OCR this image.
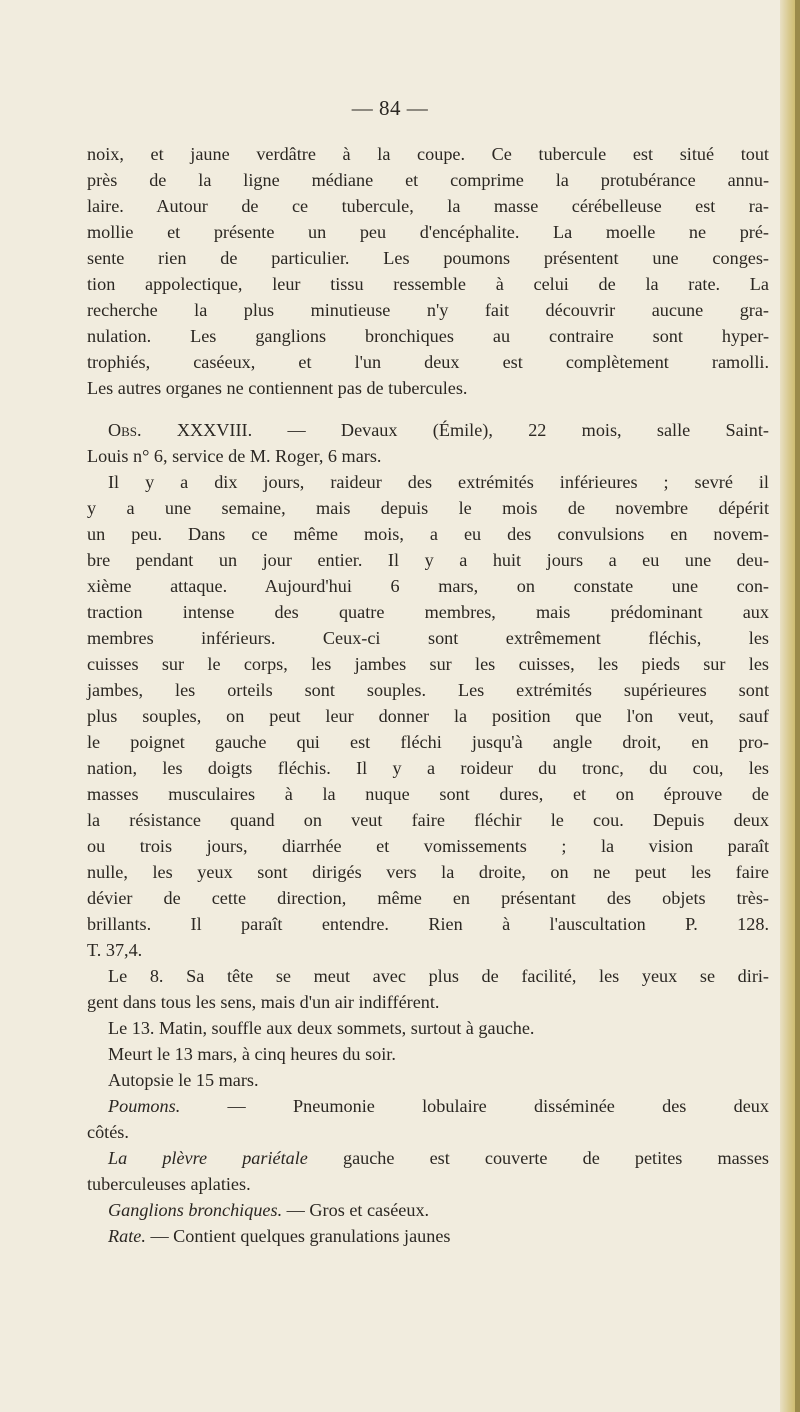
— 84 —
noix, et jaune verdâtre à la coupe. Ce tubercule est situé tout
près de la ligne médiane et comprime la protubérance annu-
laire. Autour de ce tubercule, la masse cérébelleuse est ra-
mollie et présente un peu d'encéphalite. La moelle ne pré-
sente rien de particulier. Les poumons présentent une conges-
tion appolectique, leur tissu ressemble à celui de la rate. La
recherche la plus minutieuse n'y fait découvrir aucune gra-
nulation. Les ganglions bronchiques au contraire sont hyper-
trophiés, caséeux, et l'un deux est complètement ramolli.
Les autres organes ne contiennent pas de tubercules.
Obs. XXXVIII. — Devaux (Émile), 22 mois, salle Saint-
Louis n° 6, service de M. Roger, 6 mars.
Il y a dix jours, raideur des extrémités inférieures ; sevré il
y a une semaine, mais depuis le mois de novembre dépérit
un peu. Dans ce même mois, a eu des convulsions en novem-
bre pendant un jour entier. Il y a huit jours a eu une deu-
xième attaque. Aujourd'hui 6 mars, on constate une con-
traction intense des quatre membres, mais prédominant aux
membres inférieurs. Ceux-ci sont extrêmement fléchis, les
cuisses sur le corps, les jambes sur les cuisses, les pieds sur les
jambes, les orteils sont souples. Les extrémités supérieures sont
plus souples, on peut leur donner la position que l'on veut, sauf
le poignet gauche qui est fléchi jusqu'à angle droit, en pro-
nation, les doigts fléchis. Il y a roideur du tronc, du cou, les
masses musculaires à la nuque sont dures, et on éprouve de
la résistance quand on veut faire fléchir le cou. Depuis deux
ou trois jours, diarrhée et vomissements ; la vision paraît
nulle, les yeux sont dirigés vers la droite, on ne peut les faire
dévier de cette direction, même en présentant des objets très-
brillants. Il paraît entendre. Rien à l'auscultation P. 128.
T. 37,4.
Le 8. Sa tête se meut avec plus de facilité, les yeux se diri-
gent dans tous les sens, mais d'un air indifférent.
Le 13. Matin, souffle aux deux sommets, surtout à gauche.
Meurt le 13 mars, à cinq heures du soir.
Autopsie le 15 mars.
Poumons. — Pneumonie lobulaire disséminée des deux
côtés.
La plèvre pariétale gauche est couverte de petites masses
tuberculeuses aplaties.
Ganglions bronchiques. — Gros et caséeux.
Rate. — Contient quelques granulations jaunes
